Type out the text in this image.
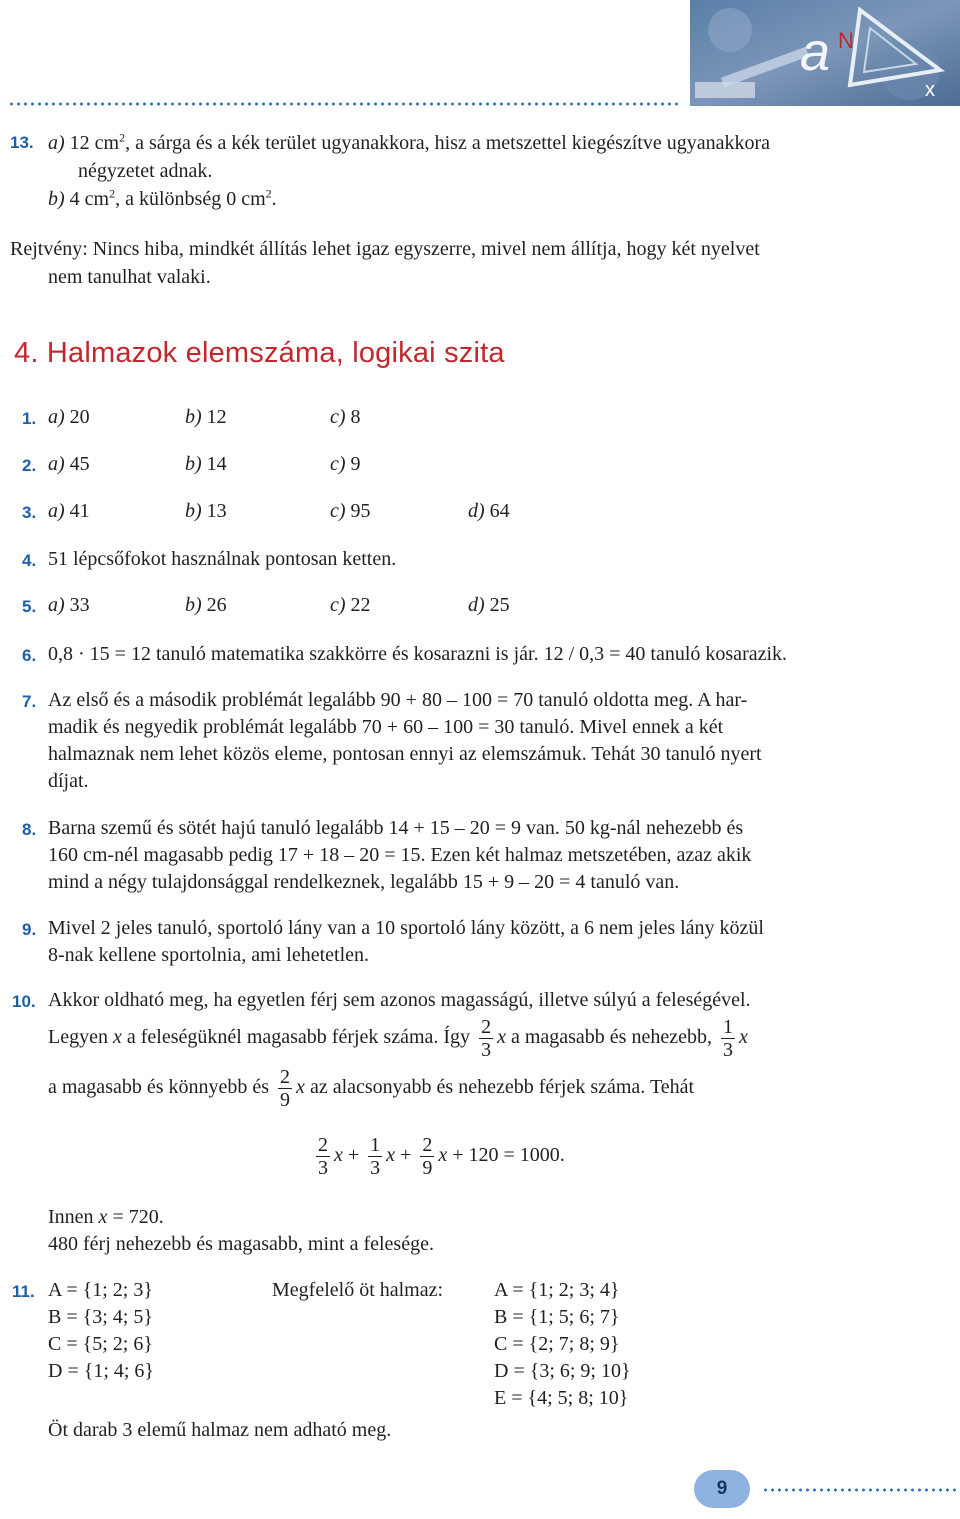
a N
x
13. a) 12 $cm^2$, a sárga és a kék terület ugyanakkora, hisz a metszettel kiegészítve ugyanakkora
négyzetet adnak.
b) 4 $cm^2$, a különbség 0 $cm^2$.
Rejtvény: Nincs hiba, mindkét állítás lehet igaz egyszerre, mivel nem állítja, hogy két nyelvet
nem tanulhat valaki.
4. Halmazok elemszáma, logikai szita
1. a) 20	b) 12	c) 8
2. a) 45	b) 14	c) 9
3. a) 41	b) 13	c) 95	d) 64
4. 51 lépcsőfokot használnak pontosan ketten.
5. a) 33	b) 26	c) 22	d) 25
6. 0,8 · 15 = 12 tanuló matematika szakkörre és kosarazni is jár. 12 / 0,3 = 40 tanuló kosarazik.
7. Az első és a második problémát legalább 90 + 80 – 100 = 70 tanuló oldotta meg. A har-
madik és negyedik problémát legalább 70 + 60 – 100 = 30 tanuló. Mivel ennek a két
halmaznak nem lehet közös eleme, pontosan ennyi az elemszámuk. Tehát 30 tanuló nyert
díjat.
8. Barna szemű és sötét hajú tanuló legalább 14 + 15 – 20 = 9 van. 50 kg-nál nehezebb és
160 cm-nél magasabb pedig 17 + 18 – 20 = 15. Ezen két halmaz metszetében, azaz akik
mind a négy tulajdonsággal rendelkeznek, legalább 15 + 9 – 20 = 4 tanuló van.
9. Mivel 2 jeles tanuló, sportoló lány van a 10 sportoló lány között, a 6 nem jeles lány közül
8-nak kellene sportolnia, ami lehetetlen.
10. Akkor oldható meg, ha egyetlen férj sem azonos magasságú, illetve súlyú a feleségével.
Legyen x a feleségüknél magasabb férjek száma. Így $\frac{2}{3}$ x a magasabb és nehezebb, $\frac{1}{3}$ x
a magasabb és könnyebb és $\frac{2}{9}$ x az alacsonyabb és nehezebb férjek száma. Tehát
$\frac{2}{3}$ $x + \frac{1}{3}$ $x + \frac{2}{9}$ x + 120 = 1000.
Innen x = 720.
480 férj nehezebb és magasabb, mint a felesége.
11. A = {1; 2; 3}
B = {3; 4; 5}
C = {5; 2; 6}
D = {1; 4; 6}
Megfelelő öt halmaz:	A = {1; 2; 3; 4}
B = {1; 5; 6; 7}
C = {2; 7; 8; 9}
D = {3; 6; 9; 10}
E = {4; 5; 8; 10}
Öt darab 3 elemű halmaz nem adható meg.
9
